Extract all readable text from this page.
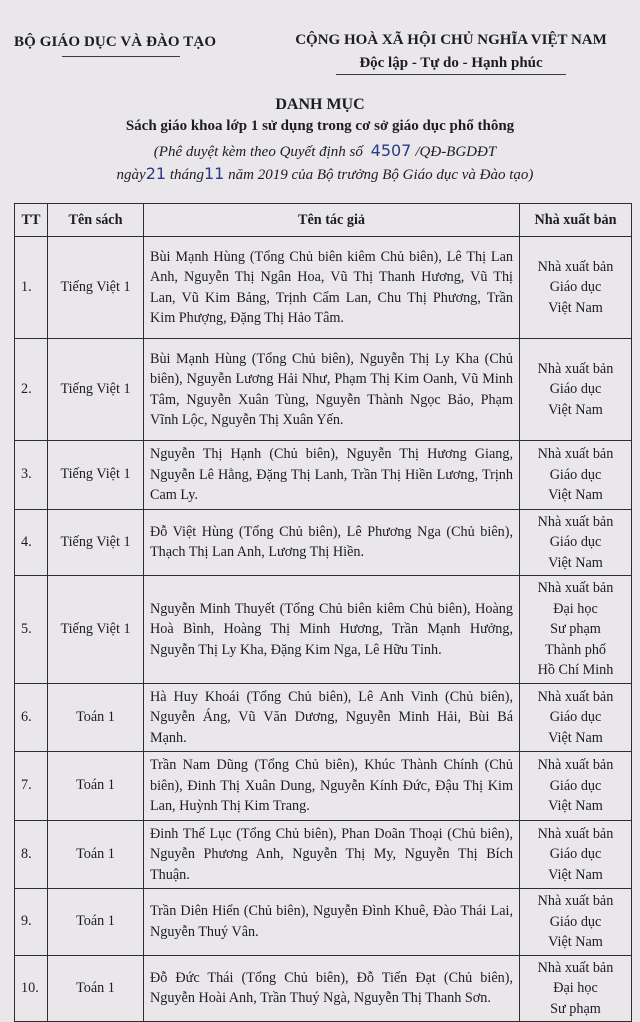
BỘ GIÁO DỤC VÀ ĐÀO TẠO	CỘNG HOÀ XÃ HỘI CHỦ NGHĨA VIỆT NAM
Độc lập - Tự do - Hạnh phúc
DANH MỤC
Sách giáo khoa lớp 1 sử dụng trong cơ sở giáo dục phổ thông
(Phê duyệt kèm theo Quyết định số 4507 /QĐ-BGDĐT
ngày21 tháng11 năm 2019 của Bộ trưởng Bộ Giáo dục và Đào tạo)
TT	Tên sách	Tên tác giả	Nhà xuất bản
1.	Tiếng Việt 1	Bùi Mạnh Hùng (Tổng Chủ biên kiêm Chủ biên), Lê Thị Lan Anh, Nguyễn Thị Ngân Hoa, Vũ Thị Thanh Hương, Vũ Thị Lan, Vũ Kim Bảng, Trịnh Cẩm Lan, Chu Thị Phương, Trần Kim Phượng, Đặng Thị Hảo Tâm.	Nhà xuất bản
Giáo dục
Việt Nam

2.	Tiếng Việt 1	Bùi Mạnh Hùng (Tổng Chủ biên), Nguyễn Thị Ly Kha (Chủ biên), Nguyễn Lương Hải Như, Phạm Thị Kim Oanh, Vũ Minh Tâm, Nguyễn Xuân Tùng, Nguyễn Thành Ngọc Bảo, Phạm Vĩnh Lộc, Nguyễn Thị Xuân Yến.	Nhà xuất bản
Giáo dục
Việt Nam

3.	Tiếng Việt 1	Nguyễn Thị Hạnh (Chủ biên), Nguyễn Thị Hương Giang, Nguyễn Lê Hằng, Đặng Thị Lanh, Trần Thị Hiền Lương, Trịnh Cam Ly.	Nhà xuất bản
Giáo dục
Việt Nam

4.	Tiếng Việt 1	Đỗ Việt Hùng (Tổng Chủ biên), Lê Phương Nga (Chủ biên), Thạch Thị Lan Anh, Lương Thị Hiền.	Nhà xuất bản
Giáo dục
Việt Nam

5.	Tiếng Việt 1	Nguyễn Minh Thuyết (Tổng Chủ biên kiêm Chủ biên), Hoàng Hoà Bình, Hoàng Thị Minh Hương, Trần Mạnh Hưởng, Nguyễn Thị Ly Kha, Đặng Kim Nga, Lê Hữu Tỉnh.	Nhà xuất bản
Đại học
Sư phạm
Thành phố
Hồ Chí Minh

6.	Toán 1	Hà Huy Khoái (Tổng Chủ biên), Lê Anh Vinh (Chủ biên), Nguyễn Áng, Vũ Văn Dương, Nguyễn Minh Hải, Bùi Bá Mạnh.	Nhà xuất bản
Giáo dục
Việt Nam

7.	Toán 1	Trần Nam Dũng (Tổng Chủ biên), Khúc Thành Chính (Chủ biên), Đinh Thị Xuân Dung, Nguyễn Kính Đức, Đậu Thị Kim Lan, Huỳnh Thị Kim Trang.	Nhà xuất bản
Giáo dục
Việt Nam

8.	Toán 1	Đinh Thế Lục (Tổng Chủ biên), Phan Doãn Thoại (Chủ biên), Nguyễn Phương Anh, Nguyễn Thị My, Nguyễn Thị Bích Thuận.	Nhà xuất bản
Giáo dục
Việt Nam

9.	Toán 1	Trần Diên Hiển (Chủ biên), Nguyễn Đình Khuê, Đào Thái Lai, Nguyễn Thuý Vân.	Nhà xuất bản
Giáo dục
Việt Nam

10.	Toán 1	Đỗ Đức Thái (Tổng Chủ biên), Đỗ Tiến Đạt (Chủ biên), Nguyễn Hoài Anh, Trần Thuý Ngà, Nguyễn Thị Thanh Sơn.	Nhà xuất bản
Đại học
Sư phạm
